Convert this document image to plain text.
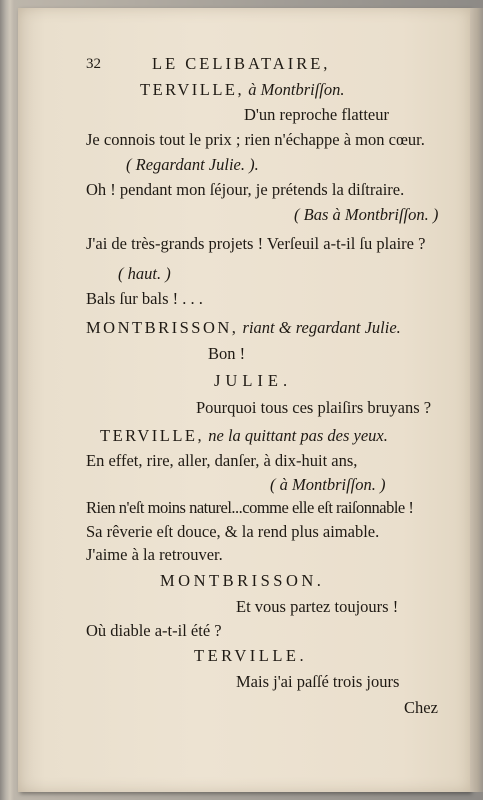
32	LE CELIBATAIRE,
TERVILLE, à Montbriſſon.
D'un reproche flatteur
Je connois tout le prix ; rien n'échappe à mon cœur.
( Regardant Julie. ).
Oh ! pendant mon ſéjour, je prétends la diſtraire.
( Bas à Montbriſſon. )
J'ai de très-grands projets ! Verſeuil a-t-il ſu plaire ?
( haut. )
Bals ſur bals ! . . .
MONTBRISSON, riant & regardant Julie.
Bon !
JULIE.
Pourquoi tous ces plaiſirs bruyans ?
TERVILLE, ne la quittant pas des yeux.
En effet, rire, aller, danſer, à dix-huit ans,
( à Montbriſſon. )
Rien n'eſt moins naturel...comme elle eſt raiſonnable !
Sa rêverie eſt douce, & la rend plus aimable.
J'aime à la retrouver.
MONTBRISSON.
Et vous partez toujours !
Où diable a-t-il été ?
TERVILLE.
Mais j'ai paſſé trois jours
Chez
